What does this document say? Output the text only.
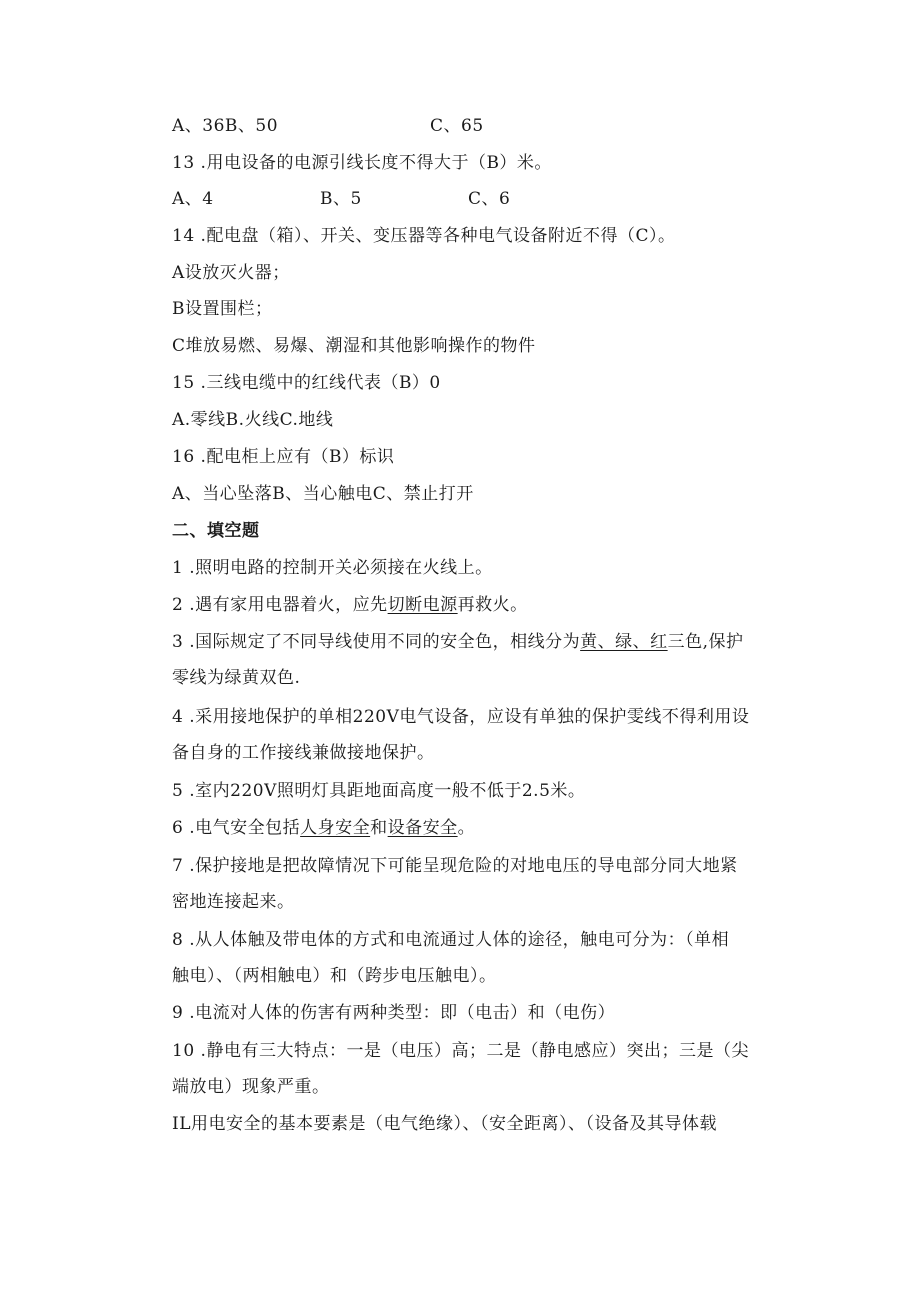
A、36B、50	C、65
13 .用电设备的电源引线长度不得大于（B）米。
A、4	B、5	C、6
14 .配电盘（箱）、开关、变压器等各种电气设备附近不得（C）。
A设放灭火器；
B设置围栏；
C堆放易燃、易爆、潮湿和其他影响操作的物件
15 .三线电缆中的红线代表（B）0
A.零线B.火线C.地线
16 .配电柜上应有（B）标识
A、当心坠落B、当心触电C、禁止打开
二、填空题
1 .照明电路的控制开关必须接在火线上。
2 .遇有家用电器着火，应先切断电源再救火。
3 .国际规定了不同导线使用不同的安全色，相线分为黄、绿、红三色,保护
零线为绿黄双色.
4 .采用接地保护的单相220V电气设备，应设有单独的保护雯线不得利用设
备自身的工作接线兼做接地保护。
5 .室内220V照明灯具距地面高度一般不低于2.5米。
6 .电气安全包括人身安全和设备安全。
7 .保护接地是把故障情况下可能呈现危险的对地电压的导电部分同大地紧
密地连接起来。
8 .从人体触及带电体的方式和电流通过人体的途径，触电可分为：（单相
触电）、（两相触电）和（跨步电压触电）。
9 .电流对人体的伤害有两种类型：即（电击）和（电伤）
10 .静电有三大特点：一是（电压）高；二是（静电感应）突出；三是（尖
端放电）现象严重。
IL用电安全的基本要素是（电气绝缘）、（安全距离）、（设备及其导体载
